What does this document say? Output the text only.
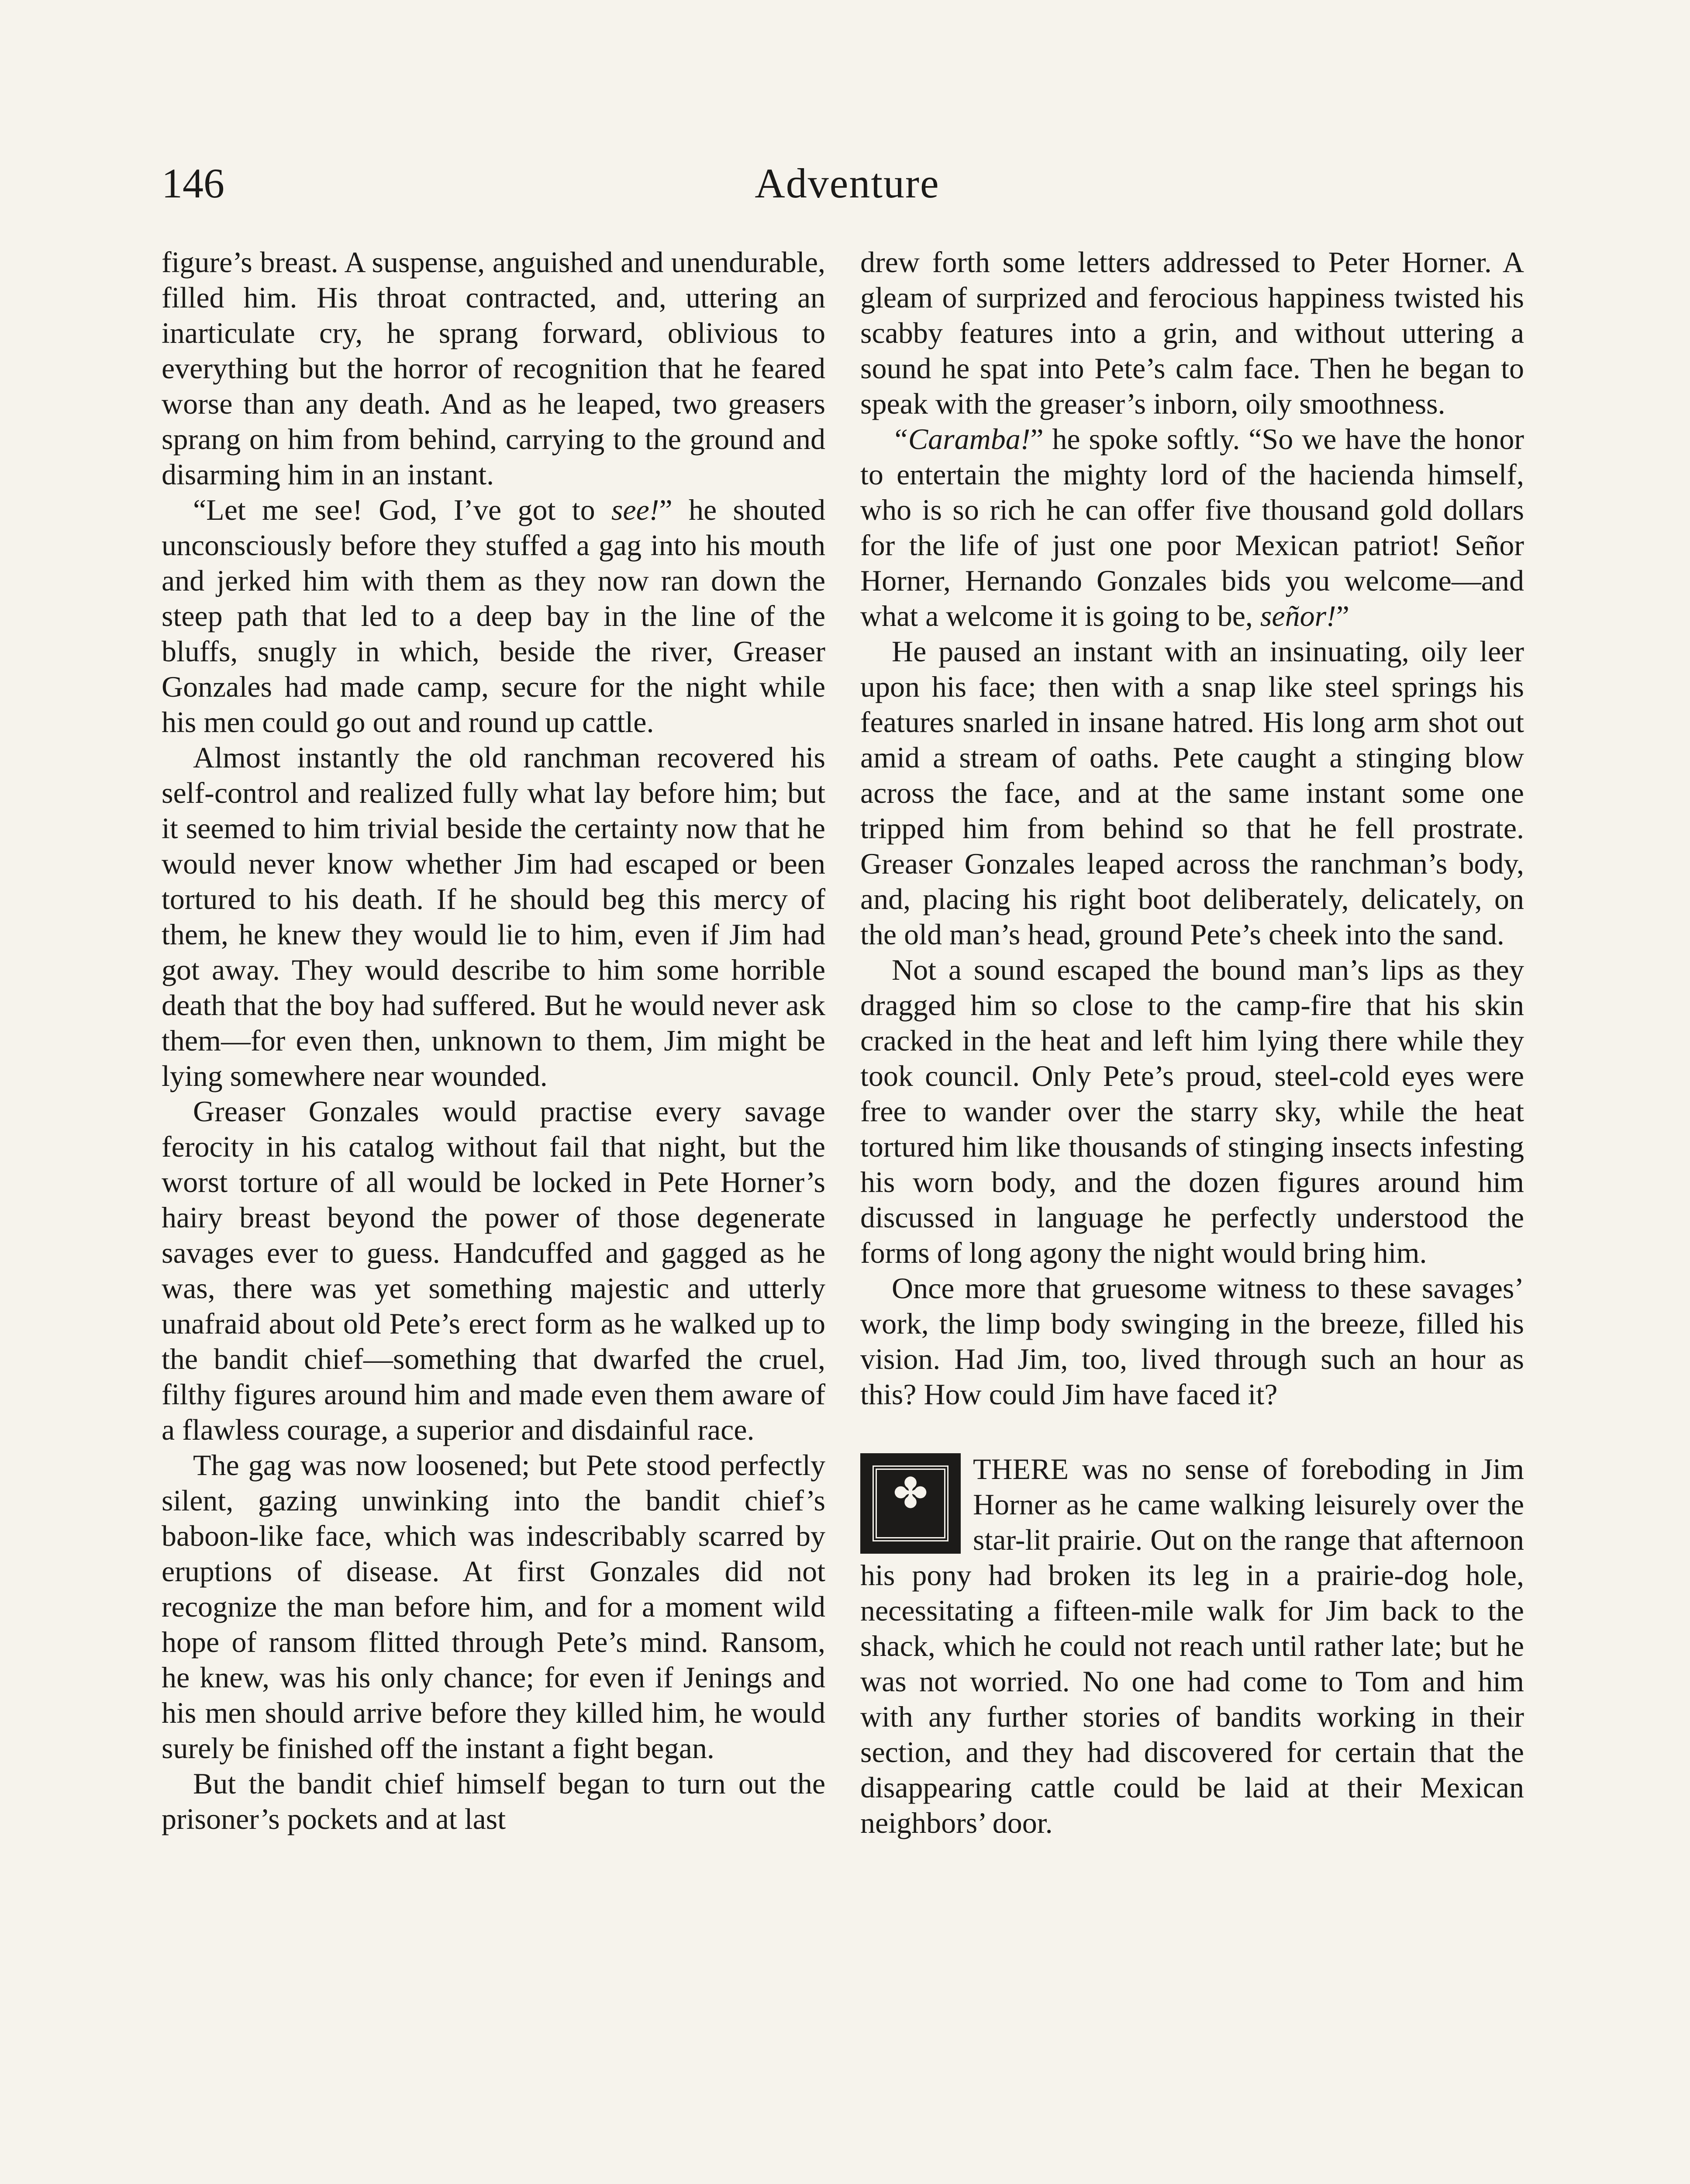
146	Adventure

figure’s breast. A suspense, anguished and unendurable, filled him. His throat contracted, and, uttering an inarticulate cry, he sprang forward, oblivious to everything but the horror of recognition that he feared worse than any death. And as he leaped, two greasers sprang on him from behind, carrying to the ground and disarming him in an instant.

“Let me see! God, I’ve got to see!” he shouted unconsciously before they stuffed a gag into his mouth and jerked him with them as they now ran down the steep path that led to a deep bay in the line of the bluffs, snugly in which, beside the river, Greaser Gonzales had made camp, secure for the night while his men could go out and round up cattle.

Almost instantly the old ranchman recovered his self-control and realized fully what lay before him; but it seemed to him trivial beside the certainty now that he would never know whether Jim had escaped or been tortured to his death. If he should beg this mercy of them, he knew they would lie to him, even if Jim had got away. They would describe to him some horrible death that the boy had suffered. But he would never ask them—for even then, unknown to them, Jim might be lying somewhere near wounded.

Greaser Gonzales would practise every savage ferocity in his catalog without fail that night, but the worst torture of all would be locked in Pete Horner’s hairy breast beyond the power of those degenerate savages ever to guess. Handcuffed and gagged as he was, there was yet something majestic and utterly unafraid about old Pete’s erect form as he walked up to the bandit chief—something that dwarfed the cruel, filthy figures around him and made even them aware of a flawless courage, a superior and disdainful race.

The gag was now loosened; but Pete stood perfectly silent, gazing unwinking into the bandit chief’s baboon-like face, which was indescribably scarred by eruptions of disease. At first Gonzales did not recognize the man before him, and for a moment wild hope of ransom flitted through Pete’s mind. Ransom, he knew, was his only chance; for even if Jenings and his men should arrive before they killed him, he would surely be finished off the instant a fight began.

But the bandit chief himself began to turn out the prisoner’s pockets and at last

drew forth some letters addressed to Peter Horner. A gleam of surprized and ferocious happiness twisted his scabby features into a grin, and without uttering a sound he spat into Pete’s calm face. Then he began to speak with the greaser’s inborn, oily smoothness.

“Caramba!” he spoke softly. “So we have the honor to entertain the mighty lord of the hacienda himself, who is so rich he can offer five thousand gold dollars for the life of just one poor Mexican patriot! Señor Horner, Hernando Gonzales bids you welcome—and what a welcome it is going to be, señor!”

He paused an instant with an insinuating, oily leer upon his face; then with a snap like steel springs his features snarled in insane hatred. His long arm shot out amid a stream of oaths. Pete caught a stinging blow across the face, and at the same instant some one tripped him from behind so that he fell prostrate. Greaser Gonzales leaped across the ranchman’s body, and, placing his right boot deliberately, delicately, on the old man’s head, ground Pete’s cheek into the sand.

Not a sound escaped the bound man’s lips as they dragged him so close to the camp-fire that his skin cracked in the heat and left him lying there while they took council. Only Pete’s proud, steel-cold eyes were free to wander over the starry sky, while the heat tortured him like thousands of stinging insects infesting his worn body, and the dozen figures around him discussed in language he perfectly understood the forms of long agony the night would bring him.

Once more that gruesome witness to these savages’ work, the limp body swinging in the breeze, filled his vision. Had Jim, too, lived through such an hour as this? How could Jim have faced it?

✤

THERE was no sense of foreboding in Jim Horner as he came walking leisurely over the star-lit prairie. Out on the range that afternoon his pony had broken its leg in a prairie-dog hole, necessitating a fifteen-mile walk for Jim back to the shack, which he could not reach until rather late; but he was not worried. No one had come to Tom and him with any further stories of bandits working in their section, and they had discovered for certain that the disappearing cattle could be laid at their Mexican neighbors’ door.
